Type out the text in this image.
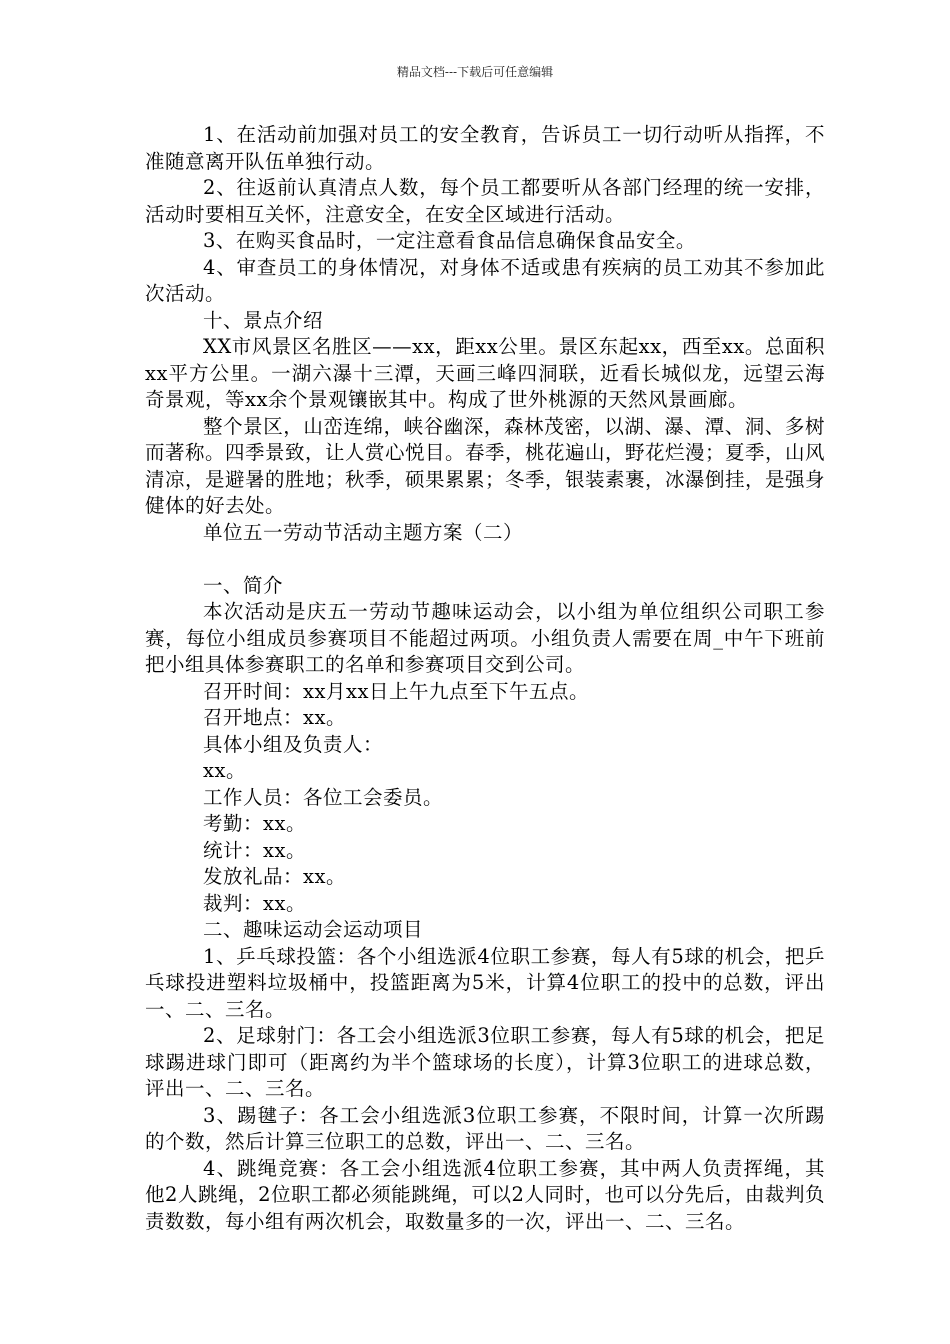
精品文档---下载后可任意编辑

1、在活动前加强对员工的安全教育，告诉员工一切行动听从指挥，不准随意离开队伍单独行动。

2、往返前认真清点人数，每个员工都要听从各部门经理的统一安排，活动时要相互关怀，注意安全，在安全区域进行活动。

3、在购买食品时，一定注意看食品信息确保食品安全。

4、审查员工的身体情况，对身体不适或患有疾病的员工劝其不参加此次活动。

十、景点介绍

XX市风景区名胜区——xx，距xx公里。景区东起xx，西至xx。总面积xx平方公里。一湖六瀑十三潭，天画三峰四洞联，近看长城似龙，远望云海奇景观，等xx余个景观镶嵌其中。构成了世外桃源的天然风景画廊。

整个景区，山峦连绵，峡谷幽深，森林茂密，以湖、瀑、潭、洞、多树而著称。四季景致，让人赏心悦目。春季，桃花遍山，野花烂漫；夏季，山风清凉，是避暑的胜地；秋季，硕果累累；冬季，银装素裹，冰瀑倒挂，是强身健体的好去处。

单位五一劳动节活动主题方案（二）

一、简介

本次活动是庆五一劳动节趣味运动会，以小组为单位组织公司职工参赛，每位小组成员参赛项目不能超过两项。小组负责人需要在周_中午下班前把小组具体参赛职工的名单和参赛项目交到公司。

召开时间：xx月xx日上午九点至下午五点。

召开地点：xx。

具体小组及负责人：

xx。

工作人员：各位工会委员。

考勤：xx。

统计：xx。

发放礼品：xx。

裁判：xx。

二、趣味运动会运动项目

1、乒乓球投篮：各个小组选派4位职工参赛，每人有5球的机会，把乒乓球投进塑料垃圾桶中，投篮距离为5米，计算4位职工的投中的总数，评出一、二、三名。

2、足球射门：各工会小组选派3位职工参赛，每人有5球的机会，把足球踢进球门即可（距离约为半个篮球场的长度），计算3位职工的进球总数，评出一、二、三名。

3、踢毽子：各工会小组选派3位职工参赛，不限时间，计算一次所踢的个数，然后计算三位职工的总数，评出一、二、三名。

4、跳绳竞赛：各工会小组选派4位职工参赛，其中两人负责挥绳，其他2人跳绳，2位职工都必须能跳绳，可以2人同时，也可以分先后，由裁判负责数数，每小组有两次机会，取数量多的一次，评出一、二、三名。
